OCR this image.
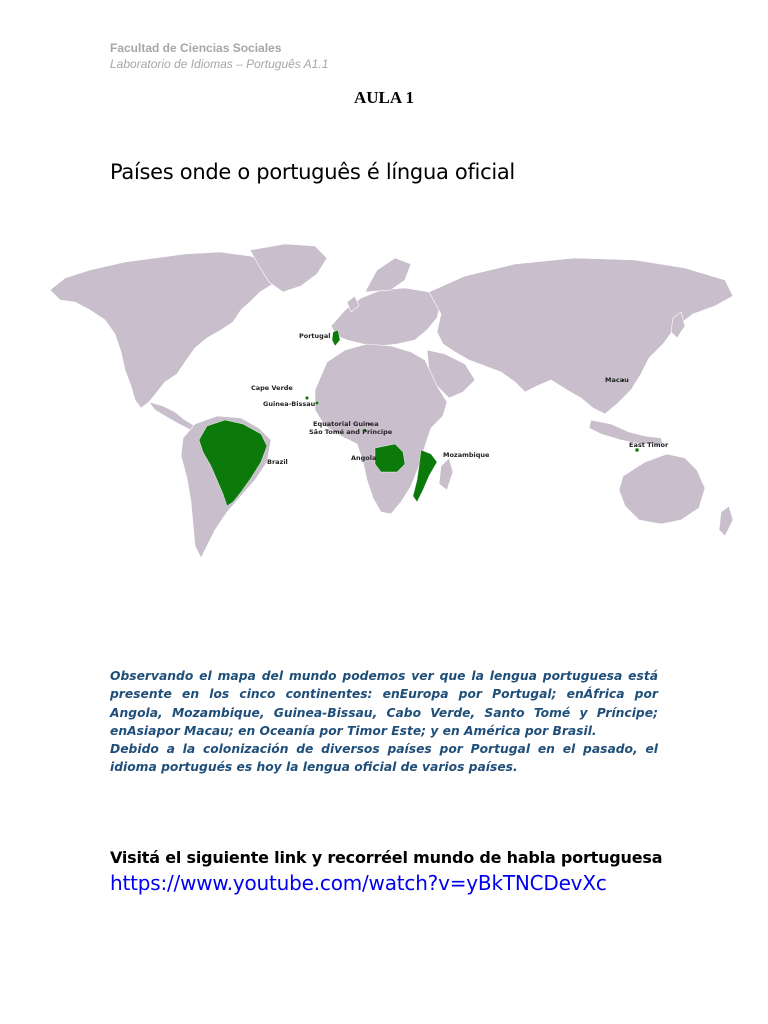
Facultad de Ciencias Sociales
Laboratorio de Idiomas – Português A1.1
AULA 1
Países onde o português é língua oficial
Portugal
Cape Verde
Guinea-Bissau
Equatorial Guinea
São Tomé and Principe
Brazil	Angola	Mozambique
Macau
East Timor

Observando el mapa del mundo podemos ver que la lengua portuguesa está presente en los cinco continentes: enEuropa por Portugal; enÁfrica por Angola, Mozambique, Guinea-Bissau, Cabo Verde, Santo Tomé y Príncipe; enAsiapor Macau; en Oceanía por Timor Este; y en América por Brasil.

Debido a la colonización de diversos países por Portugal en el pasado, el idioma portugués es hoy la lengua oficial de varios países.

Visitá el siguiente link y recorréel mundo de habla portuguesa
https://www.youtube.com/watch?v=yBkTNCDevXc
